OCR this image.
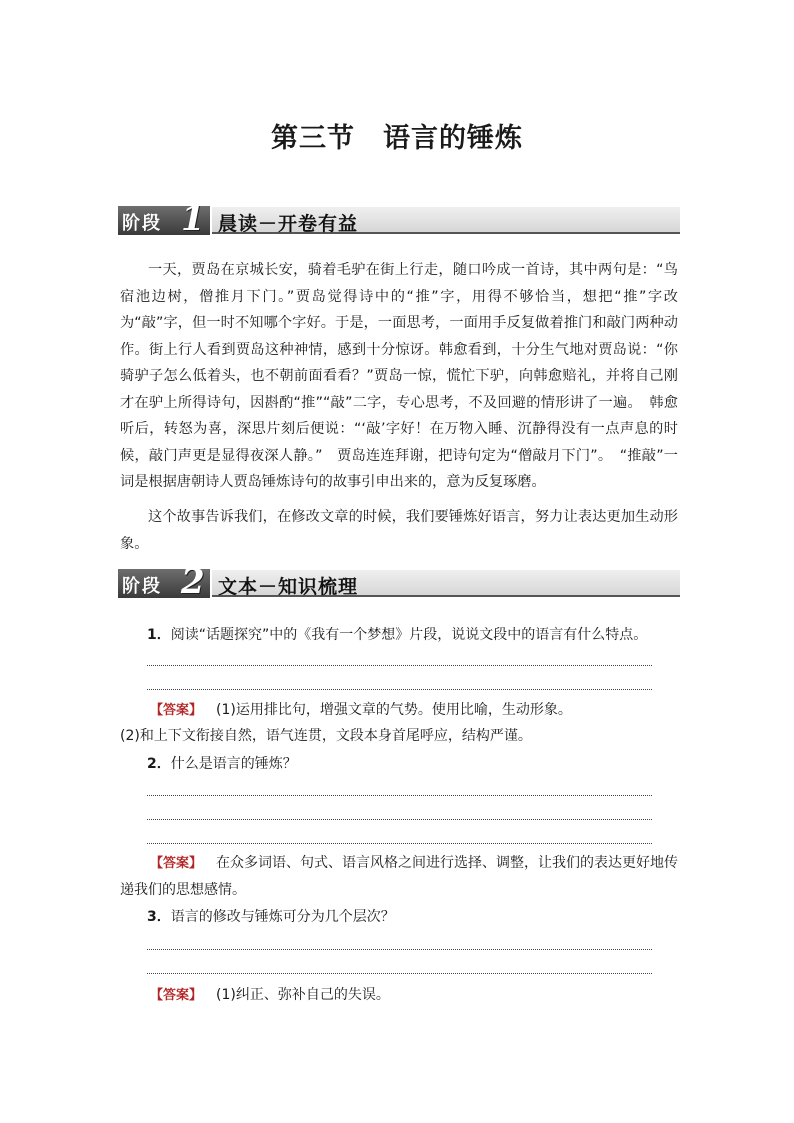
第三节　语言的锤炼
阶段 1 晨读－开卷有益

一天，贾岛在京城长安，骑着毛驴在街上行走，随口吟成一首诗，其中两句是：“鸟宿池边树，僧推月下门。”贾岛觉得诗中的“推”字，用得不够恰当，想把“推”字改为“敲”字，但一时不知哪个字好。于是，一面思考，一面用手反复做着推门和敲门两种动作。街上行人看到贾岛这种神情，感到十分惊讶。韩愈看到，十分生气地对贾岛说：“你骑驴子怎么低着头，也不朝前面看看？”贾岛一惊，慌忙下驴，向韩愈赔礼，并将自己刚才在驴上所得诗句，因斟酌“推”“敲”二字，专心思考，不及回避的情形讲了一遍。　韩愈听后，转怒为喜，深思片刻后便说：“‘敲’字好！在万物入睡、沉静得没有一点声息的时候，敲门声更是显得夜深人静。”　贾岛连连拜谢，把诗句定为“僧敲月下门”。　“推敲”一词是根据唐朝诗人贾岛锤炼诗句的故事引申出来的，意为反复琢磨。

这个故事告诉我们，在修改文章的时候，我们要锤炼好语言，努力让表达更加生动形象。

阶段 2 文本－知识梳理
1．阅读“话题探究”中的《我有一个梦想》片段，说说文段中的语言有什么特点。
【答案】 (1)运用排比句，增强文章的气势。使用比喻，生动形象。
(2)和上下文衔接自然，语气连贯，文段本身首尾呼应，结构严谨。
2．什么是语言的锤炼？
【答案】 在众多词语、句式、语言风格之间进行选择、调整，让我们的表达更好地传递我们的思想感情。
3．语言的修改与锤炼可分为几个层次？
【答案】 (1)纠正、弥补自己的失误。
